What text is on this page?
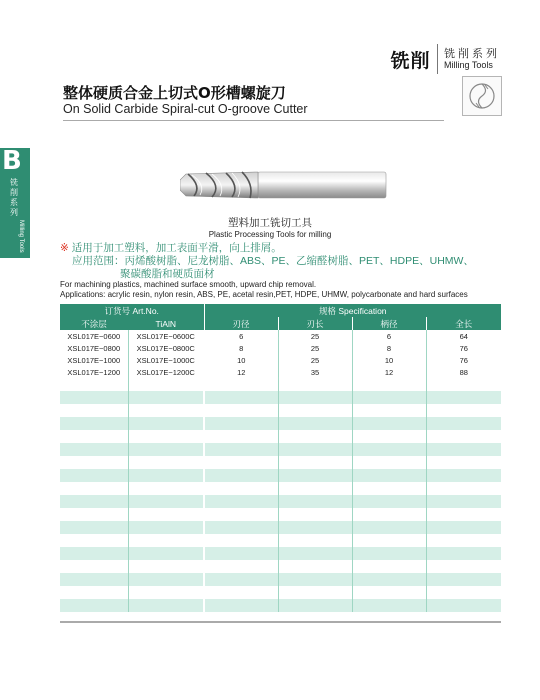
铣削 铣削系列
Milling Tools
整体硬质合金上切式O形槽螺旋刀
On Solid Carbide Spiral-cut O-groove Cutter
B
铣削系列
Milling Tools	塑料加工铣切工具
Plastic Processing Tools for milling
※ 适用于加工塑料，加工表面平滑，向上排屑。
应用范围：丙烯酸树脂、尼龙树脂、ABS、PE、乙缩醛树脂、PET、HDPE、UHMW、
聚碳酸脂和硬质面材
For machining plastics, machined surface smooth, upward chip removal.
Applications: acrylic resin, nylon resin, ABS, PE, acetal resin,PET, HDPE, UHMW, polycarbonate and hard surfaces
订货号 Art.No.		规格 Specification			
不涂层	TiAlN	刃径	刃长	柄径	全长
XSL017E−0600	XSL017E−0600C	6	25	6	64
XSL017E−0800	XSL017E−0800C	8	25	8	76
XSL017E−1000	XSL017E−1000C	10	25	10	76
XSL017E−1200	XSL017E−1200C	12	35	12	88
